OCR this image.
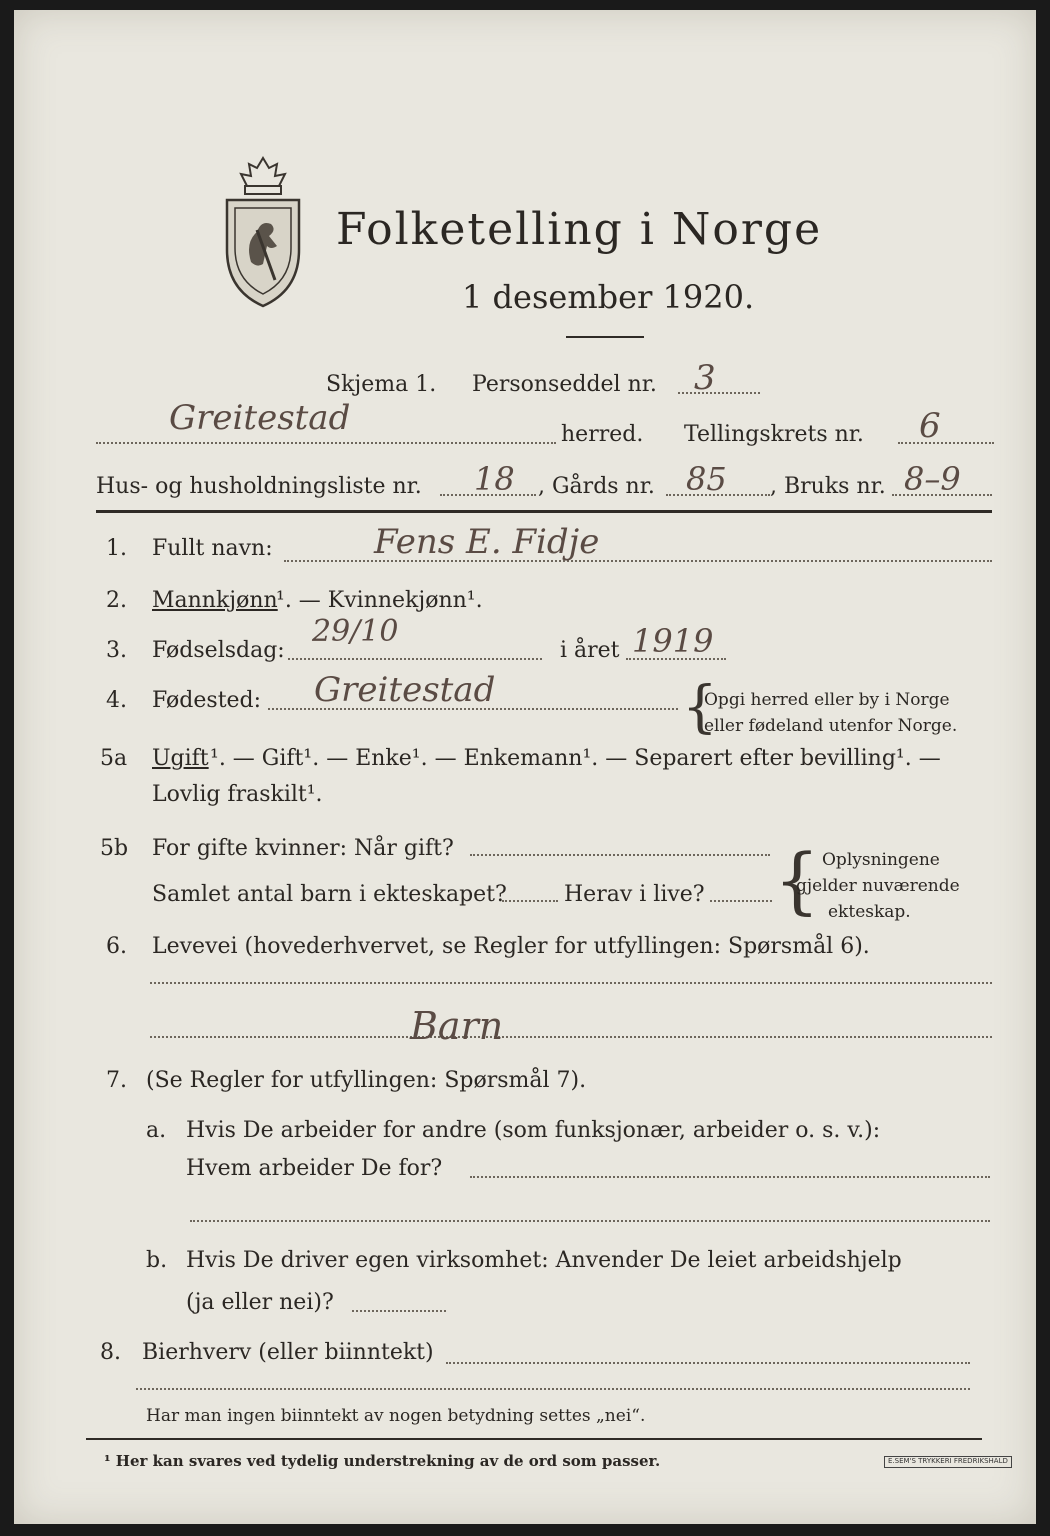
Folketelling i Norge
1 desember 1920.
Skjema 1. Personseddel nr. 3
Greitestad	herred. Tellingskrets nr. 6
Hus- og husholdningsliste nr. 18 , Gårds nr. 85 , Bruks nr. 8–9
1. Fullt navn:	Fens E. Fidje
2. Mannkjønn
¹. — Kvinnekjønn¹.
3. Fødselsdag:
29/10
i året 1919
4. Fødested: Greitestad	{
Opgi herred eller by i Norge
eller fødeland utenfor Norge.
5a Ugift ¹. — Gift¹. — Enke¹. — Enkemann¹. — Separert efter bevilling¹. —
Lovlig fraskilt¹.
5b For gifte kvinner: Når gift?
Samlet antal barn i ekteskapet?	Herav i live? { Oplysningene
gjelder nuværende
ekteskap.
6. Levevei (hovederhvervet, se Regler for utfyllingen: Spørsmål 6).
Barn
7. (Se Regler for utfyllingen: Spørsmål 7).
a. Hvis De arbeider for andre (som funksjonær, arbeider o. s. v.):
Hvem arbeider De for?
b. Hvis De driver egen virksomhet: Anvender De leiet arbeidshjelp
(ja eller nei)?
8. Bierhverv (eller biinntekt)
Har man ingen biinntekt av nogen betydning settes „nei“.
¹ Her kan svares ved tydelig understrekning av de ord som passer.	E.SEM'S TRYKKERI FREDRIKSHALD
